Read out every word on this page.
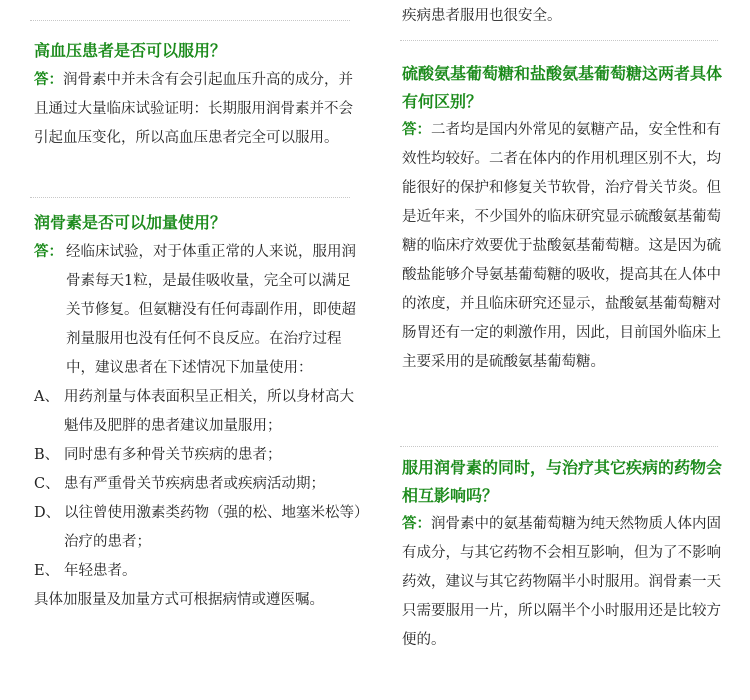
高血压患者是否可以服用？
答：润骨素中并未含有会引起血压升高的成分，并且通过大量临床试验证明：长期服用润骨素并不会引起血压变化，所以高血压患者完全可以服用。
润骨素是否可以加量使用？
答： 经临床试验，对于体重正常的人来说，服用润骨素每天1粒，是最佳吸收量，完全可以满足关节修复。但氨糖没有任何毒副作用，即使超剂量服用也没有任何不良反应。在治疗过程中，建议患者在下述情况下加量使用：
A、 用药剂量与体表面积呈正相关，所以身材高大魁伟及肥胖的患者建议加量服用；
B、 同时患有多种骨关节疾病的患者；
C、 患有严重骨关节疾病患者或疾病活动期；
D、 以往曾使用激素类药物（强的松、地塞米松等）治疗的患者；
E、 年轻患者。
具体加服量及加量方式可根据病情或遵医嘱。
疾病患者服用也很安全。
硫酸氨基葡萄糖和盐酸氨基葡萄糖这两者具体有何区别？
答：二者均是国内外常见的氨糖产品，安全性和有效性均较好。二者在体内的作用机理区别不大，均能很好的保护和修复关节软骨，治疗骨关节炎。但是近年来，不少国外的临床研究显示硫酸氨基葡萄糖的临床疗效要优于盐酸氨基葡萄糖。这是因为硫酸盐能够介导氨基葡萄糖的吸收，提高其在人体中的浓度，并且临床研究还显示，盐酸氨基葡萄糖对肠胃还有一定的刺激作用，因此，目前国外临床上主要采用的是硫酸氨基葡萄糖。
服用润骨素的同时，与治疗其它疾病的药物会相互影响吗？
答：润骨素中的氨基葡萄糖为纯天然物质人体内固有成分，与其它药物不会相互影响，但为了不影响药效，建议与其它药物隔半小时服用。润骨素一天只需要服用一片，所以隔半个小时服用还是比较方便的。
